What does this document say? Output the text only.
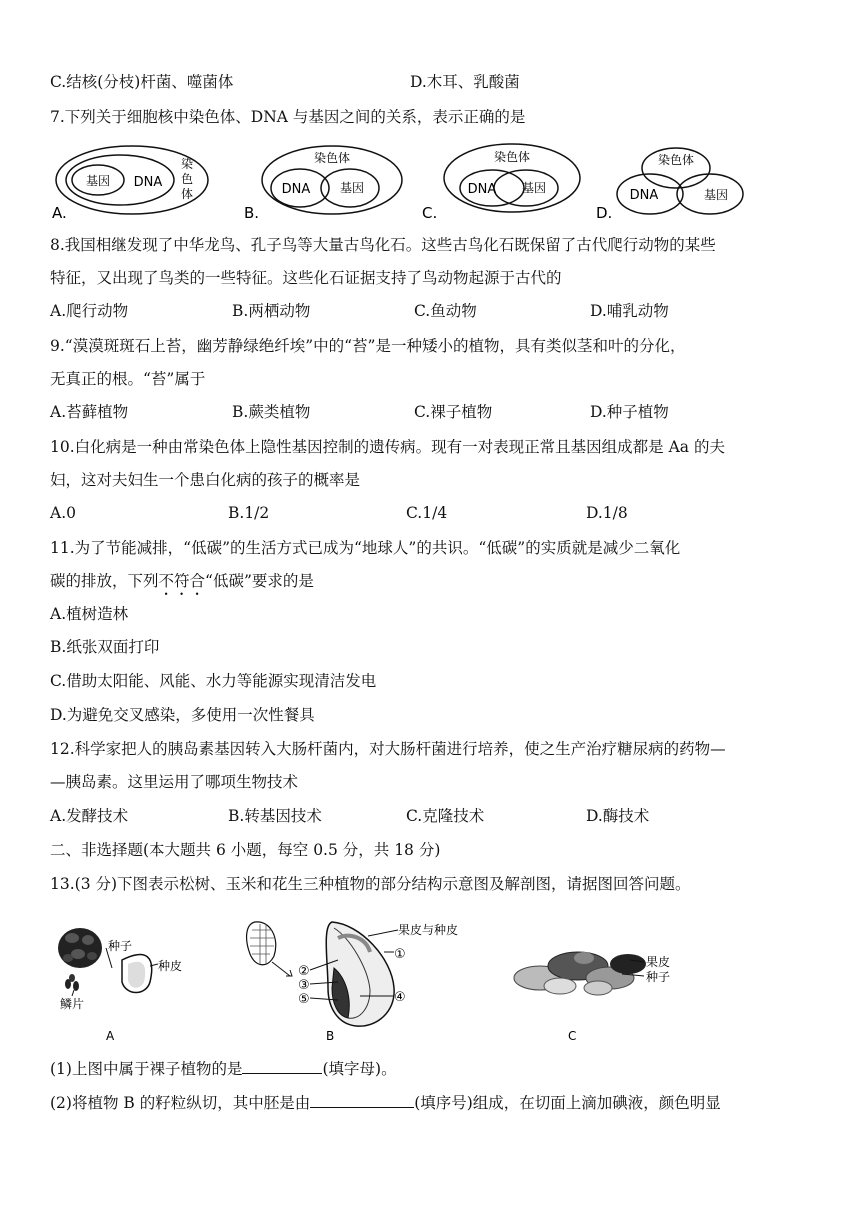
C.结核(分枝)杆菌、噬菌体	D.木耳、乳酸菌
7.下列关于细胞核中染色体、DNA 与基因之间的关系，表示正确的是
基因 DNA
染
色
体
A.
染色体
DNA 基因
B.
染色体
DNA 基因
C.
染色体
DNA	基因
D.
8.我国相继发现了中华龙鸟、孔子鸟等大量古鸟化石。这些古鸟化石既保留了古代爬行动物的某些
特征，又出现了鸟类的一些特征。这些化石证据支持了鸟动物起源于古代的
A.爬行动物	B.两栖动物	C.鱼动物	D.哺乳动物
9.“漠漠斑斑石上苔，幽芳静绿绝纤埃”中的“苔”是一种矮小的植物，具有类似茎和叶的分化，
无真正的根。“苔”属于
A.苔藓植物	B.蕨类植物	C.裸子植物	D.种子植物
10.白化病是一种由常染色体上隐性基因控制的遗传病。现有一对表现正常且基因组成都是 Aa 的夫
妇，这对夫妇生一个患白化病的孩子的概率是
A.0	B.1/2	C.1/4	D.1/8
11.为了节能减排，“低碳”的生活方式已成为“地球人”的共识。“低碳”的实质就是减少二氧化
碳的排放，下列不符合“低碳”要求的是
A.植树造林
B.纸张双面打印
C.借助太阳能、风能、水力等能源实现清洁发电
D.为避免交叉感染，多使用一次性餐具
12.科学家把人的胰岛素基因转入大肠杆菌内，对大肠杆菌进行培养，使之生产治疗糖尿病的药物—
—胰岛素。这里运用了哪项生物技术
A.发酵技术	B.转基因技术	C.克隆技术	D.酶技术
二、非选择题(本大题共 6 小题，每空 0.5 分，共 18 分)
13.(3 分)下图表示松树、玉米和花生三种植物的部分结构示意图及解剖图，请据图回答问题。
种子
种皮
鳞片
A
果皮与种皮
①
②
③
④
⑤
B
果皮
种子
C
(1)上图中属于裸子植物的是	(填字母)。
(2)将植物 B 的籽粒纵切，其中胚是由	(填序号)组成，在切面上滴加碘液，颜色明显
